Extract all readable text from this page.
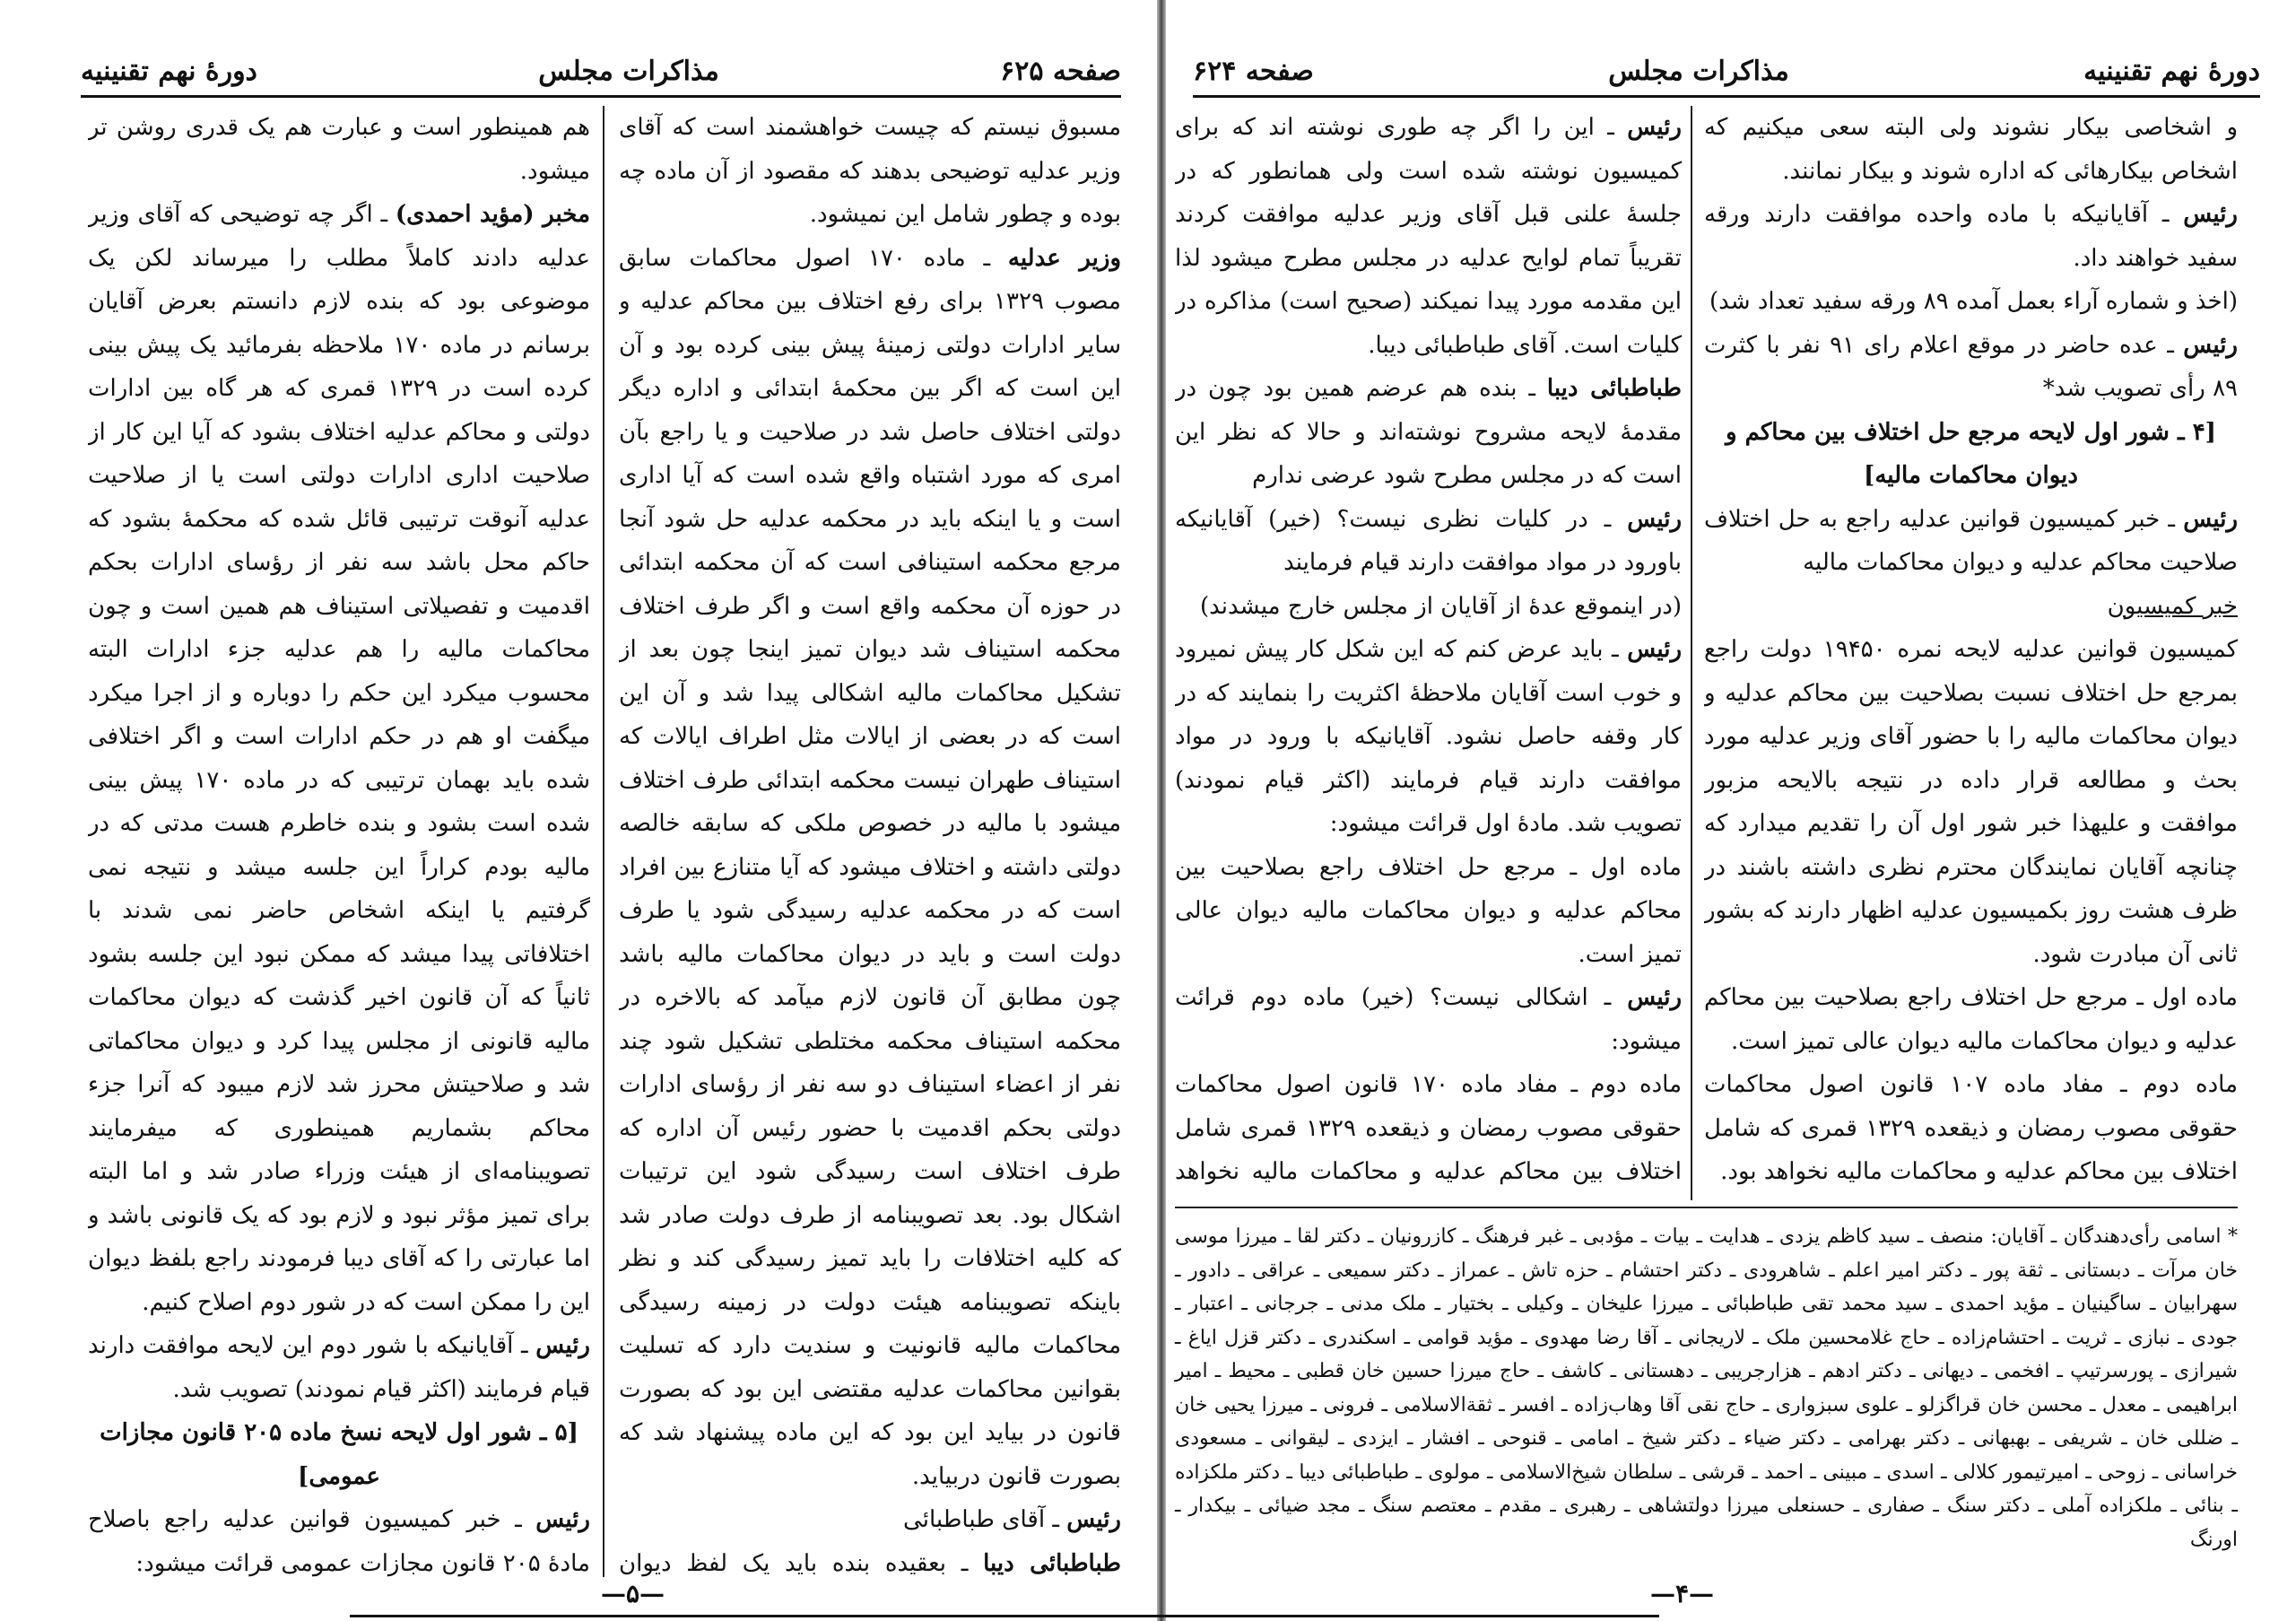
صفحه ۶۲۵
مذاکرات مجلس
دورهٔ نهم تقنینیه

مسبوق نیستم که چیست خواهشمند است که آقای وزیر عدلیه توضیحی بدهند که مقصود از آن ماده چه بوده و چطور شامل این نمیشود.

وزیر عدلیه ـ ماده ۱۷۰ اصول محاکمات سابق مصوب ۱۳۲۹ برای رفع اختلاف بین محاکم عدلیه و سایر ادارات دولتی زمینهٔ پیش بینی کرده بود و آن این است که اگر بین محکمهٔ ابتدائی و اداره دیگر دولتی اختلاف حاصل شد در صلاحیت و یا راجع بآن امری که مورد اشتباه واقع شده است که آیا اداری است و یا اینکه باید در محکمه عدلیه حل شود آنجا مرجع محکمه استینافی است که آن محکمه ابتدائی در حوزه آن محکمه واقع است و اگر طرف اختلاف محکمه استیناف شد دیوان تمیز اینجا چون بعد از تشکیل محاکمات مالیه اشکالی پیدا شد و آن این است که در بعضی از ایالات مثل اطراف ایالات که استیناف طهران نیست محکمه ابتدائی طرف اختلاف میشود با مالیه در خصوص ملکی که سابقه خالصه دولتی داشته و اختلاف میشود که آیا متنازع بین افراد است که در محکمه عدلیه رسیدگی شود یا طرف دولت است و باید در دیوان محاکمات مالیه باشد چون مطابق آن قانون لازم میآمد که بالاخره در محکمه استیناف محکمه مختلطی تشکیل شود چند نفر از اعضاء استیناف دو سه نفر از رؤسای ادارات دولتی بحکم اقدمیت با حضور رئیس آن اداره که طرف اختلاف است رسیدگی شود این ترتیبات اشکال بود. بعد تصویبنامه از طرف دولت صادر شد که کلیه اختلافات را باید تمیز رسیدگی کند و نظر باینکه تصویبنامه هیئت دولت در زمینه رسیدگی محاکمات مالیه قانونیت و سندیت دارد که تسلیت بقوانین محاکمات عدلیه مقتضی این بود که بصورت قانون در بیاید این بود که این ماده پیشنهاد شد که بصورت قانون دربیاید.

رئیس ـ آقای طباطبائی

طباطبائی دیبا ـ بعقیده بنده باید یک لفظ دیوان

هم همینطور است و عبارت هم یک قدری روشن تر میشود.

مخبر (مؤید احمدی) ـ اگر چه توضیحی که آقای وزیر عدلیه دادند کاملاً مطلب را میرساند لکن یک موضوعی بود که بنده لازم دانستم بعرض آقایان برسانم در ماده ۱۷۰ ملاحظه بفرمائید یک پیش بینی کرده است در ۱۳۲۹ قمری که هر گاه بین ادارات دولتی و محاکم عدلیه اختلاف بشود که آیا این کار از صلاحیت اداری ادارات دولتی است یا از صلاحیت عدلیه آنوقت ترتیبی قائل شده که محکمهٔ بشود که حاکم محل باشد سه نفر از رؤسای ادارات بحکم اقدمیت و تفصیلاتی استیناف هم همین است و چون محاکمات مالیه را هم عدلیه جزء ادارات البته محسوب میکرد این حکم را دوباره و از اجرا میکرد میگفت او هم در حکم ادارات است و اگر اختلافی شده باید بهمان ترتیبی که در ماده ۱۷۰ پیش بینی شده است بشود و بنده خاطرم هست مدتی که در مالیه بودم کراراً این جلسه میشد و نتیجه نمی گرفتیم یا اینکه اشخاص حاضر نمی شدند با اختلافاتی پیدا میشد که ممکن نبود این جلسه بشود ثانیاً که آن قانون اخیر گذشت که دیوان محاکمات مالیه قانونی از مجلس پیدا کرد و دیوان محاکماتی شد و صلاحیتش محرز شد لازم میبود که آنرا جزء محاکم بشماریم همینطوری که میفرمایند تصویبنامه‌ای از هیئت وزراء صادر شد و اما البته برای تمیز مؤثر نبود و لازم بود که یک قانونی باشد و اما عبارتی را که آقای دیبا فرمودند راجع بلفظ دیوان این را ممکن است که در شور دوم اصلاح کنیم.

رئیس ـ آقایانیکه با شور دوم این لایحه موافقت دارند قیام فرمایند (اکثر قیام نمودند) تصویب شد.

[۵ ـ شور اول لایحه نسخ ماده ۲۰۵ قانون مجازات عمومی]

رئیس ـ خبر کمیسیون قوانین عدلیه راجع باصلاح مادهٔ ۲۰۵ قانون مجازات عمومی قرائت میشود:

—۵—
دورهٔ نهم تقنینیه
مذاکرات مجلس
صفحه ۶۲۴

و اشخاصی بیکار نشوند ولی البته سعی میکنیم که اشخاص بیکارهائی که اداره شوند و بیکار نمانند.

رئیس ـ آقایانیکه با ماده واحده موافقت دارند ورقه سفید خواهند داد.

(اخذ و شماره آراء بعمل آمده ۸۹ ورقه سفید تعداد شد)

رئیس ـ عده حاضر در موقع اعلام رای ۹۱ نفر با کثرت ۸۹ رأی تصویب شد*

[۴ ـ شور اول لایحه مرجع حل اختلاف بین محاکم و دیوان محاکمات مالیه]

رئیس ـ خبر کمیسیون قوانین عدلیه راجع به حل اختلاف صلاحیت محاکم عدلیه و دیوان محاکمات مالیه

خبر کمیسیون

کمیسیون قوانین عدلیه لایحه نمره ۱۹۴۵۰ دولت راجع بمرجع حل اختلاف نسبت بصلاحیت بین محاکم عدلیه و دیوان محاکمات مالیه را با حضور آقای وزیر عدلیه مورد بحث و مطالعه قرار داده در نتیجه بالایحه مزبور موافقت و علیهذا خبر شور اول آن را تقدیم میدارد که چنانچه آقایان نمایندگان محترم نظری داشته باشند در ظرف هشت روز بکمیسیون عدلیه اظهار دارند که بشور ثانی آن مبادرت شود.

ماده اول ـ مرجع حل اختلاف راجع بصلاحیت بین محاکم عدلیه و دیوان محاکمات مالیه دیوان عالی تمیز است.

ماده دوم ـ مفاد ماده ۱۰۷ قانون اصول محاکمات حقوقی مصوب رمضان و ذیقعده ۱۳۲۹ قمری که شامل اختلاف بین محاکم عدلیه و محاکمات مالیه نخواهد بود.

رئیس ـ این را اگر چه طوری نوشته اند که برای کمیسیون نوشته شده است ولی همانطور که در جلسهٔ علنی قبل آقای وزیر عدلیه موافقت کردند تقریباً تمام لوایح عدلیه در مجلس مطرح میشود لذا این مقدمه مورد پیدا نمیکند (صحیح است) مذاکره در کلیات است. آقای طباطبائی دیبا.

طباطبائی دیبا ـ بنده هم عرضم همین بود چون در مقدمهٔ لایحه مشروح نوشته‌اند و حالا که نظر این است که در مجلس مطرح شود عرضی ندارم

رئیس ـ در کلیات نظری نیست؟ (خیر) آقایانیکه باورود در مواد موافقت دارند قیام فرمایند

(در اینموقع عدهٔ از آقایان از مجلس خارج میشدند)

رئیس ـ باید عرض کنم که این شکل کار پیش نمیرود و خوب است آقایان ملاحظهٔ اکثریت را بنمایند که در کار وقفه حاصل نشود. آقایانیکه با ورود در مواد موافقت دارند قیام فرمایند (اکثر قیام نمودند) تصویب شد. مادهٔ اول قرائت میشود:

ماده اول ـ مرجع حل اختلاف راجع بصلاحیت بین محاکم عدلیه و دیوان محاکمات مالیه دیوان عالی تمیز است.

رئیس ـ اشکالی نیست؟ (خیر) ماده دوم قرائت میشود:

ماده دوم ـ مفاد ماده ۱۷۰ قانون اصول محاکمات حقوقی مصوب رمضان و ذیقعده ۱۳۲۹ قمری شامل اختلاف بین محاکم عدلیه و محاکمات مالیه نخواهد

* اسامی رأی‌دهندگان ـ آقایان: منصف ـ سید کاظم یزدی ـ هدایت ـ بیات ـ مؤدبی ـ غبر فرهنگ ـ کازرونیان ـ دکتر لقا ـ میرزا موسی خان مرآت ـ دبستانی ـ ثقة پور ـ دکتر امیر اعلم ـ شاهرودی ـ دکتر احتشام ـ حزه تاش ـ عمراز ـ دکتر سمیعی ـ عراقی ـ دادور ـ سهرابیان ـ ساگینیان ـ مؤید احمدی ـ سید محمد تقی طباطبائی ـ میرزا علیخان ـ وکیلی ـ بختیار ـ ملک مدنی ـ جرجانی ـ اعتبار ـ جودی ـ نبازی ـ ثریت ـ احتشام‌زاده ـ حاج غلامحسین ملک ـ لاریجانی ـ آقا رضا مهدوی ـ مؤید قوامی ـ اسکندری ـ دکتر قزل ایاغ ـ شیرازی ـ پورسرتیپ ـ افخمی ـ دیهانی ـ دکتر ادهم ـ هزارجریبی ـ دهستانی ـ کاشف ـ حاج میرزا حسین خان قطبی ـ محیط ـ امیر ابراهیمی ـ معدل ـ محسن خان قراگزلو ـ علوی سبزواری ـ حاج نقی آقا وهاب‌زاده ـ افسر ـ ثقة‌الاسلامی ـ فرونی ـ میرزا یحیی خان ـ ضللی خان ـ شریفی ـ بهبهانی ـ دکتر بهرامی ـ دکتر ضیاء ـ دکتر شیخ ـ امامی ـ قنوحی ـ افشار ـ ایزدی ـ لیقوانی ـ مسعودی خراسانی ـ زوحی ـ امیرتیمور کلالی ـ اسدی ـ مبینی ـ احمد ـ قرشی ـ سلطان شیخ‌الاسلامی ـ مولوی ـ طباطبائی دیبا ـ دکتر ملکزاده ـ بنائی ـ ملکزاده آملی ـ دکتر سنگ ـ صفاری ـ حسنعلی میرزا دولتشاهی ـ رهبری ـ مقدم ـ معتصم سنگ ـ مجد ضیائی ـ بیکدار ـ اورنگ
—۴—
